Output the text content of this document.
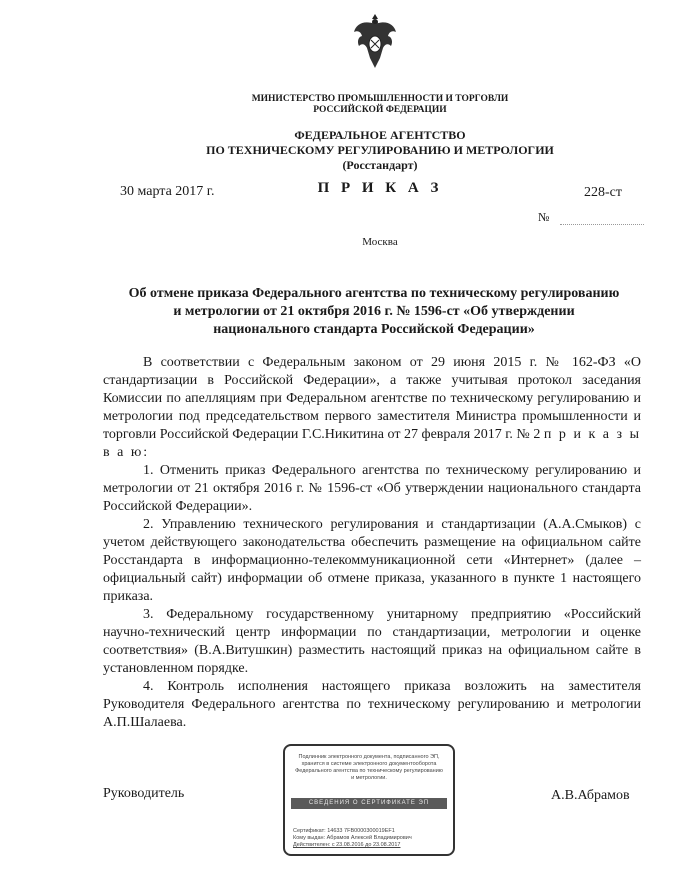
МИНИСТЕРСТВО ПРОМЫШЛЕННОСТИ И ТОРГОВЛИ
РОССИЙСКОЙ ФЕДЕРАЦИИ
ФЕДЕРАЛЬНОЕ АГЕНТСТВО
ПО ТЕХНИЧЕСКОМУ РЕГУЛИРОВАНИЮ И МЕТРОЛОГИИ
(Росстандарт)
30 марта 2017 г.	П Р И К А З	228-ст
№
Москва
Об отмене приказа Федерального агентства по техническому регулированию
и метрологии от 21 октября 2016 г. № 1596-ст «Об утверждении
национального стандарта Российской Федерации»

В соответствии с Федеральным законом от 29 июня 2015 г. № 162-ФЗ «О стандартизации в Российской Федерации», а также учитывая протокол заседания Комиссии по апелляциям при Федеральном агентстве по техническому регулированию и метрологии под председательством первого заместителя Министра промышленности и торговли Российской Федерации Г.С.Никитина от 27 февраля 2017 г. № 2 п р и к а з ы в а ю:

1. Отменить приказ Федерального агентства по техническому регулированию и метрологии от 21 октября 2016 г. № 1596-ст «Об утверждении национального стандарта Российской Федерации».

2. Управлению технического регулирования и стандартизации (А.А.Смыков) с учетом действующего законодательства обеспечить размещение на официальном сайте Росстандарта в информационно-телекоммуникационной сети «Интернет» (далее – официальный сайт) информации об отмене приказа, указанного в пункте 1 настоящего приказа.

3. Федеральному государственному унитарному предприятию «Российский научно-технический центр информации по стандартизации, метрологии и оценке соответствия» (В.А.Витушкин) разместить настоящий приказ на официальном сайте в установленном порядке.

4. Контроль исполнения настоящего приказа возложить на заместителя Руководителя Федерального агентства по техническому регулированию и метрологии А.П.Шалаева.

Руководитель	А.В.Абрамов
Подлинник электронного документа, подписанного ЭП, хранится в системе электронного документооборота Федерального агентства по техническому регулированию и метрологии.
СВЕДЕНИЯ О СЕРТИФИКАТЕ ЭП
Сертификат: 14633 7FB0000300019EF1
Кому выдан: Абрамов Алексей Владимирович
Действителен: с 23.08.2016 до 23.08.2017
